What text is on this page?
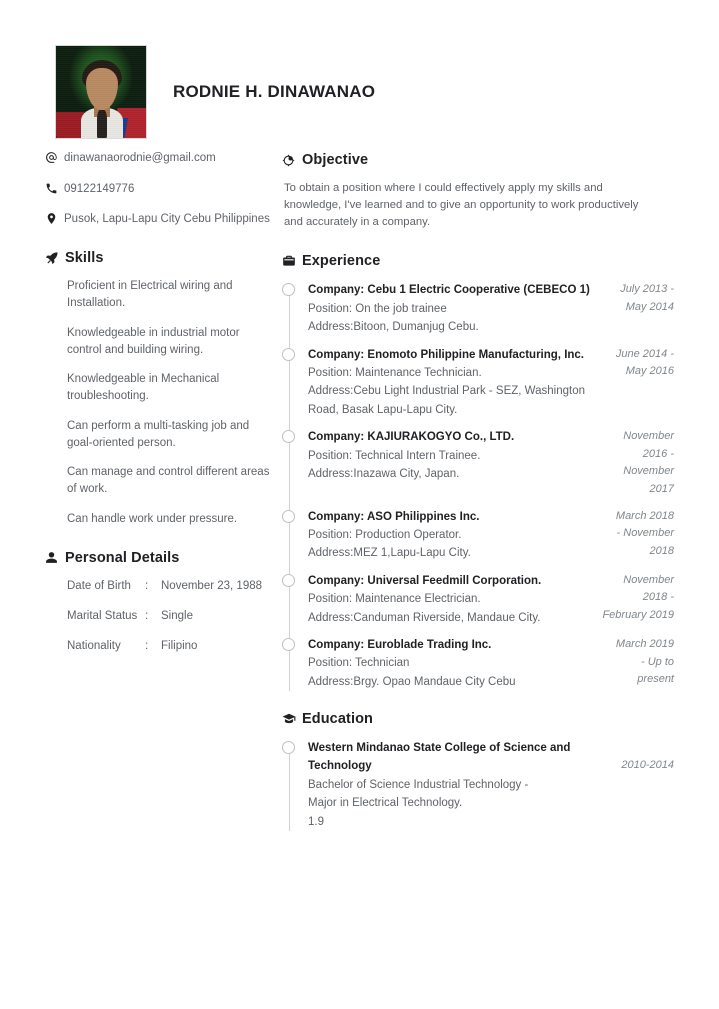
RODNIE H. DINAWANAO
dinawanaorodnie@gmail.com
09122149776
Pusok, Lapu-Lapu City Cebu Philippines
Skills
Proficient in Electrical wiring and Installation.
Knowledgeable in industrial motor control and building wiring.
Knowledgeable in Mechanical troubleshooting.
Can perform a multi-tasking job and goal-oriented person.
Can manage and control different areas of work.
Can handle work under pressure.
Personal Details
Date of Birth	:	November 23, 1988
Marital Status :	Single
Nationality	:	Filipino
Objective
To obtain a position where I could effectively apply my skills and knowledge, I've learned and to give an opportunity to work productively and accurately in a company.
Experience
Company: Cebu 1 Electric Cooperative (CEBECO 1)
Position: On the job trainee
Address:Bitoon, Dumanjug Cebu.
July 2013 - May 2014
Company: Enomoto Philippine Manufacturing, Inc.
Position: Maintenance Technician.
Address:Cebu Light Industrial Park - SEZ, Washington Road, Basak Lapu-Lapu City.
June 2014 - May 2016
Company: KAJIURAKOGYO Co., LTD.
Position: Technical Intern Trainee.
Address:Inazawa City, Japan.
November 2016 - November 2017
Company: ASO Philippines Inc.
Position: Production Operator.
Address:MEZ 1,Lapu-Lapu City.
March 2018 - November 2018
Company: Universal Feedmill Corporation.
Position: Maintenance Electrician.
Address:Canduman Riverside, Mandaue City.
November 2018 - February 2019
Company: Euroblade Trading Inc.
Position: Technician
Address:Brgy. Opao Mandaue City Cebu
March 2019 - Up to present
Education
Western Mindanao State College of Science and Technology
Bachelor of Science Industrial Technology - Major in Electrical Technology.
1.9
2010-2014
